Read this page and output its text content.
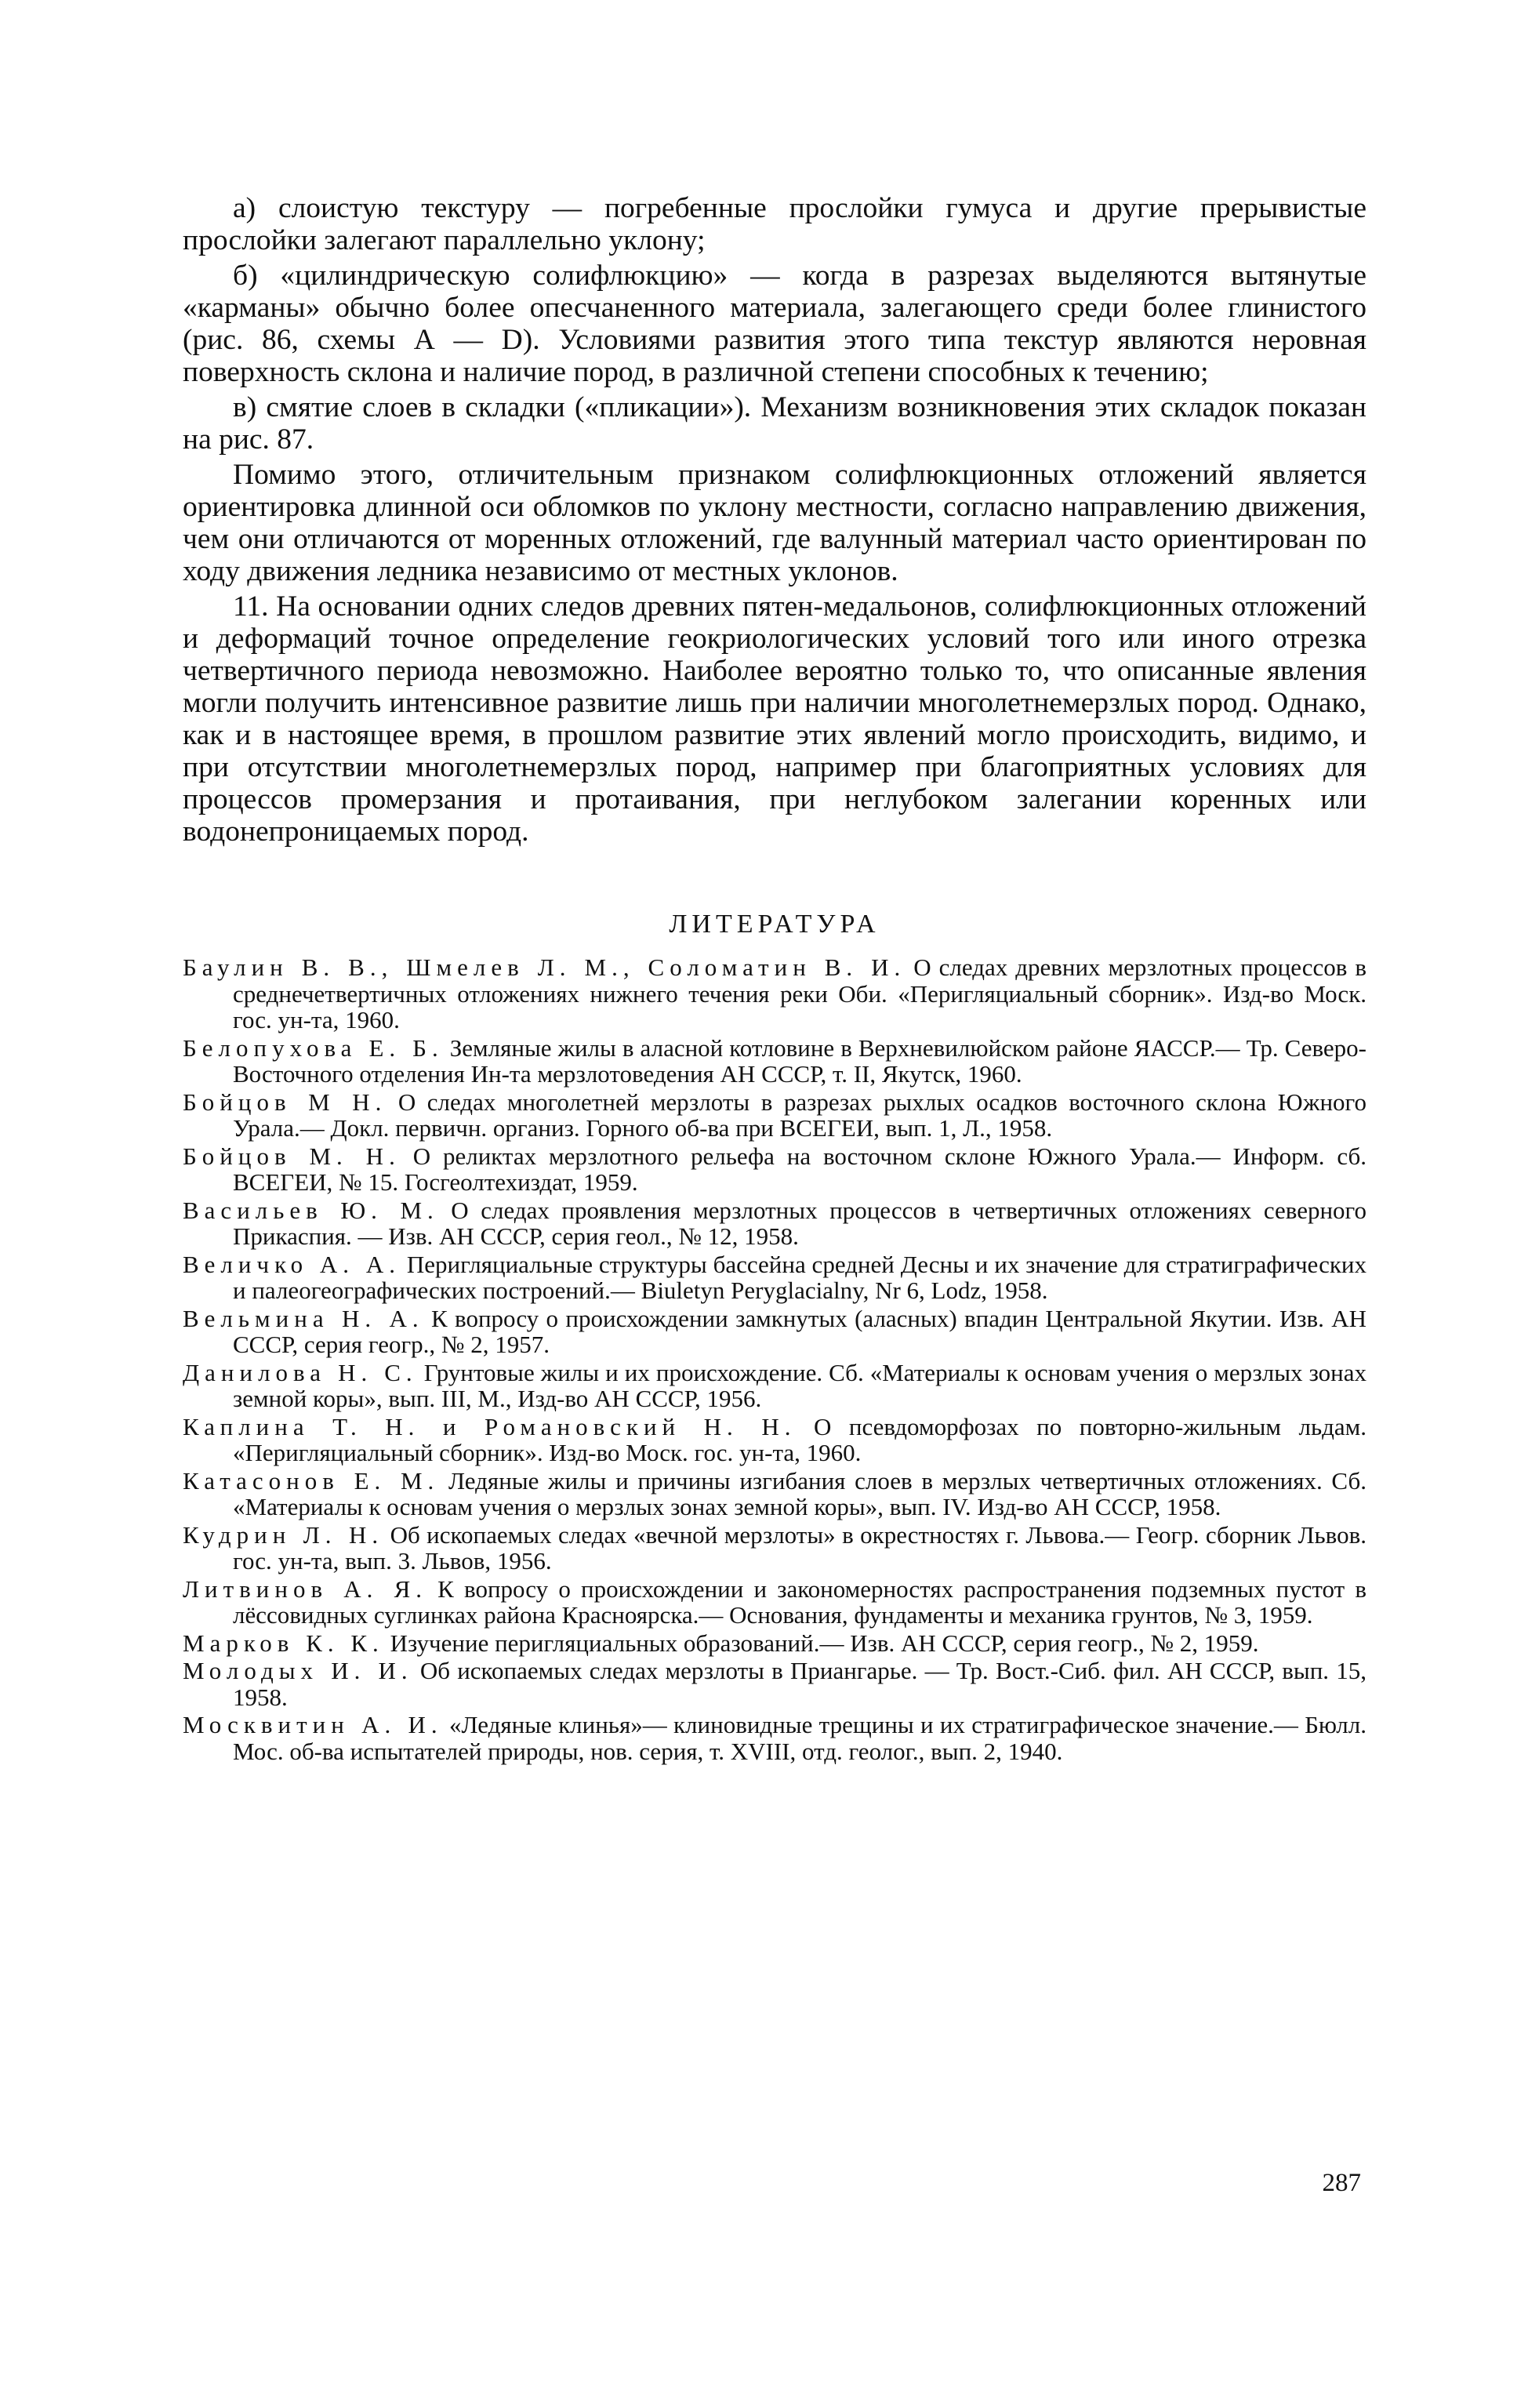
а) слоистую текстуру — погребенные прослойки гумуса и другие прерывистые прослойки залегают параллельно уклону;

б) «цилиндрическую солифлюкцию» — когда в разрезах выделяются вытянутые «карманы» обычно более опесчаненного материала, залегающего среди более глинистого (рис. 86, схемы А — D). Условиями развития этого типа текстур являются неровная поверхность склона и наличие пород, в различной степени способных к течению;

в) смятие слоев в складки («пликации»). Механизм возникновения этих складок показан на рис. 87.

Помимо этого, отличительным признаком солифлюкционных отложений является ориентировка длинной оси обломков по уклону местности, согласно направлению движения, чем они отличаются от моренных отложений, где валунный материал часто ориентирован по ходу движения ледника независимо от местных уклонов.

11. На основании одних следов древних пятен-медальонов, солифлюкционных отложений и деформаций точное определение геокриологических условий того или иного отрезка четвертичного периода невозможно. Наиболее вероятно только то, что описанные явления могли получить интенсивное развитие лишь при наличии многолетнемерзлых пород. Однако, как и в настоящее время, в прошлом развитие этих явлений могло происходить, видимо, и при отсутствии многолетнемерзлых пород, например при благоприятных условиях для процессов промерзания и протаивания, при неглубоком залегании коренных или водонепроницаемых пород.

ЛИТЕРАТУРА
Баулин В. В., Шмелев Л. М., Соломатин В. И. О следах древних мерзлотных процессов в среднечетвертичных отложениях нижнего течения реки Оби. «Перигляциальный сборник». Изд-во Моск. гос. ун-та, 1960.
Белопухова Е. Б. Земляные жилы в аласной котловине в Верхневилюйском районе ЯАССР.— Тр. Северо-Восточного отделения Ин-та мерзлотоведения АН СССР, т. II, Якутск, 1960.
Бойцов М Н. О следах многолетней мерзлоты в разрезах рыхлых осадков восточного склона Южного Урала.— Докл. первичн. организ. Горного об-ва при ВСЕГЕИ, вып. 1, Л., 1958.
Бойцов М. Н. О реликтах мерзлотного рельефа на восточном склоне Южного Урала.— Информ. сб. ВСЕГЕИ, № 15. Госгеолтехиздат, 1959.
Васильев Ю. М. О следах проявления мерзлотных процессов в четвертичных отложениях северного Прикаспия. — Изв. АН СССР, серия геол., № 12, 1958.
Величко А. А. Перигляциальные структуры бассейна средней Десны и их значение для стратиграфических и палеогеографических построений.— Biuletyn Peryglacialny, Nr 6, Lodz, 1958.
Вельмина Н. А. К вопросу о происхождении замкнутых (аласных) впадин Центральной Якутии. Изв. АН СССР, серия геогр., № 2, 1957.
Данилова Н. С. Грунтовые жилы и их происхождение. Сб. «Материалы к основам учения о мерзлых зонах земной коры», вып. III, М., Изд-во АН СССР, 1956.
Каплина Т. Н. и Романовский Н. Н. О псевдоморфозах по повторно-жильным льдам. «Перигляциальный сборник». Изд-во Моск. гос. ун-та, 1960.
Катасонов Е. М. Ледяные жилы и причины изгибания слоев в мерзлых четвертичных отложениях. Сб. «Материалы к основам учения о мерзлых зонах земной коры», вып. IV. Изд-во АН СССР, 1958.
Кудрин Л. Н. Об ископаемых следах «вечной мерзлоты» в окрестностях г. Львова.— Геогр. сборник Львов. гос. ун-та, вып. 3. Львов, 1956.
Литвинов А. Я. К вопросу о происхождении и закономерностях распространения подземных пустот в лёссовидных суглинках района Красноярска.— Основания, фундаменты и механика грунтов, № 3, 1959.
Марков К. К. Изучение перигляциальных образований.— Изв. АН СССР, серия геогр., № 2, 1959.
Молодых И. И. Об ископаемых следах мерзлоты в Приангарье. — Тр. Вост.-Сиб. фил. АН СССР, вып. 15, 1958.
Москвитин А. И. «Ледяные клинья»— клиновидные трещины и их стратиграфическое значение.— Бюлл. Мос. об-ва испытателей природы, нов. серия, т. XVIII, отд. геолог., вып. 2, 1940.
287
